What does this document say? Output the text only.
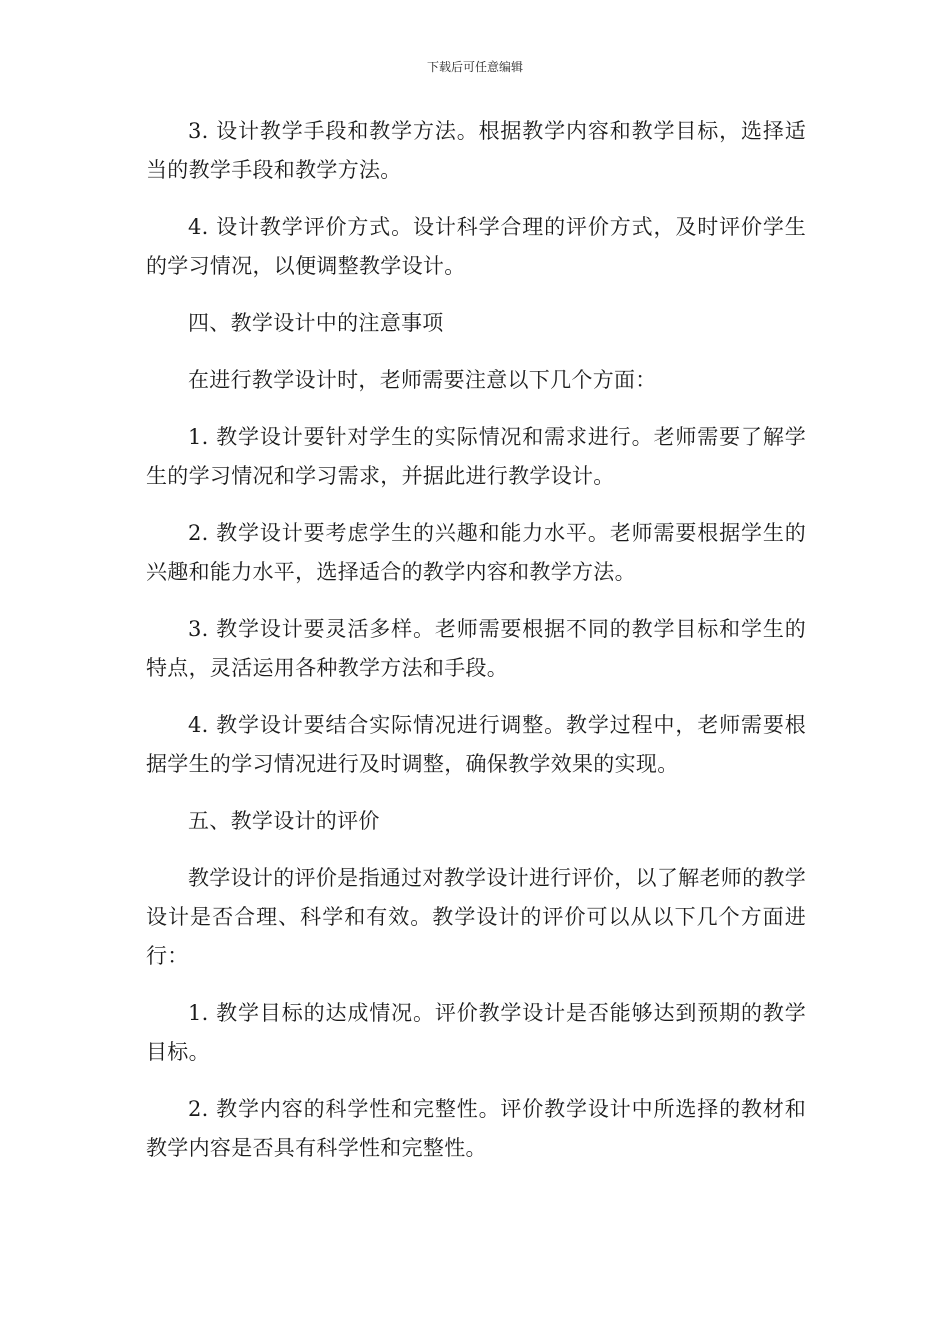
下载后可任意编辑

3. 设计教学手段和教学方法。根据教学内容和教学目标，选择适当的教学手段和教学方法。

4. 设计教学评价方式。设计科学合理的评价方式，及时评价学生的学习情况，以便调整教学设计。

四、教学设计中的注意事项

在进行教学设计时，老师需要注意以下几个方面：

1. 教学设计要针对学生的实际情况和需求进行。老师需要了解学生的学习情况和学习需求，并据此进行教学设计。

2. 教学设计要考虑学生的兴趣和能力水平。老师需要根据学生的兴趣和能力水平，选择适合的教学内容和教学方法。

3. 教学设计要灵活多样。老师需要根据不同的教学目标和学生的特点，灵活运用各种教学方法和手段。

4. 教学设计要结合实际情况进行调整。教学过程中，老师需要根据学生的学习情况进行及时调整，确保教学效果的实现。

五、教学设计的评价

教学设计的评价是指通过对教学设计进行评价，以了解老师的教学设计是否合理、科学和有效。教学设计的评价可以从以下几个方面进行：

1. 教学目标的达成情况。评价教学设计是否能够达到预期的教学目标。

2. 教学内容的科学性和完整性。评价教学设计中所选择的教材和教学内容是否具有科学性和完整性。
